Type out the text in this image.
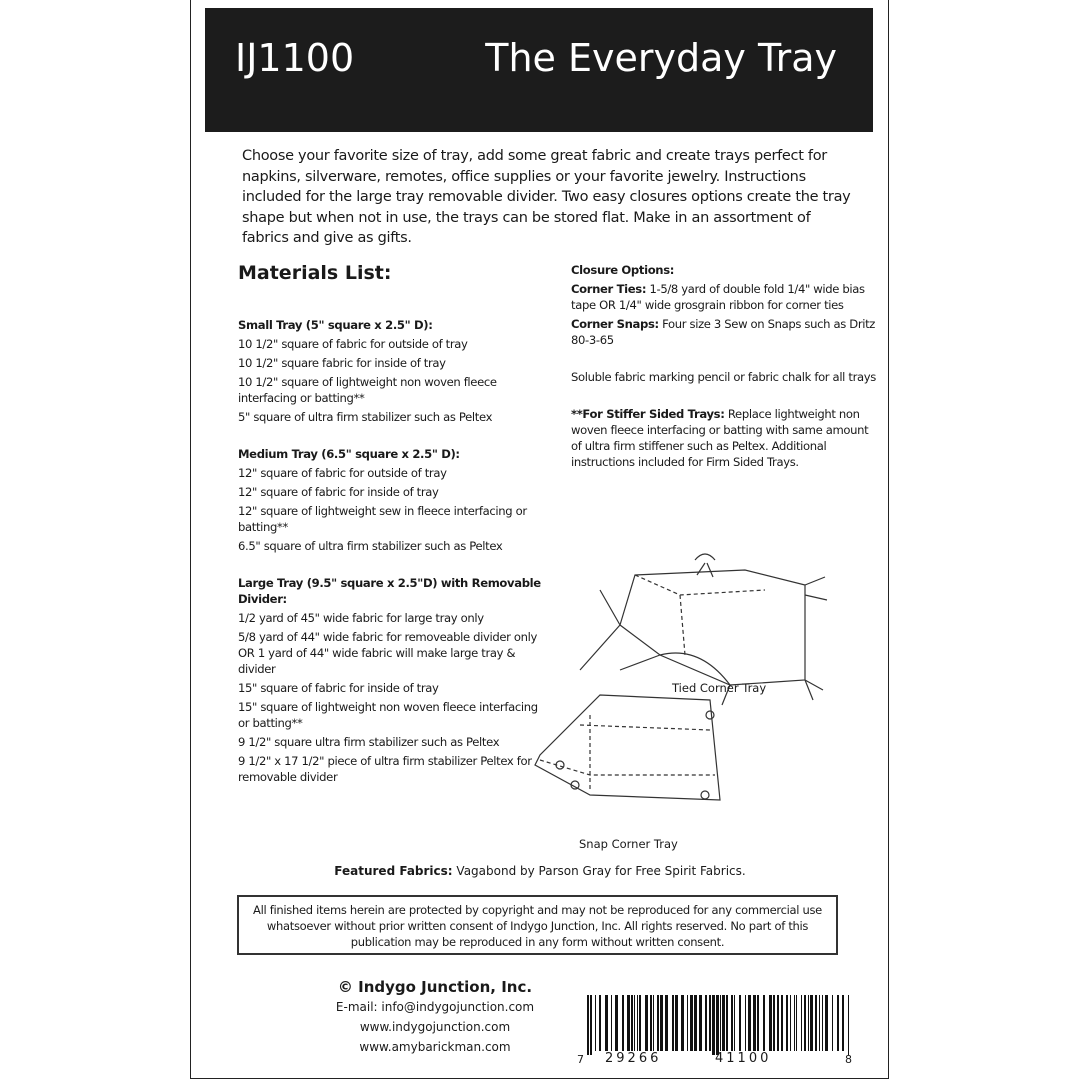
IJ1100	The Everyday Tray
Choose your favorite size of tray, add some great fabric and create trays perfect for napkins, silverware, remotes, office supplies or your favorite jewelry. Instructions included for the large tray removable divider. Two easy closures options create the tray shape but when not in use, the trays can be stored flat. Make in an assortment of fabrics and give as gifts.
Materials List:
Small Tray (5" square x 2.5" D):
10 1/2" square of fabric for outside of tray
10 1/2" square fabric for inside of tray
10 1/2" square of lightweight non woven fleece interfacing or batting**
5" square of ultra firm stabilizer such as Peltex
Medium Tray (6.5" square x 2.5" D):
12" square of fabric for outside of tray
12" square of fabric for inside of tray
12" square of lightweight sew in fleece interfacing or batting**
6.5" square of ultra firm stabilizer such as Peltex
Large Tray (9.5" square x 2.5"D) with Removable Divider:
1/2 yard of 45" wide fabric for large tray only
5/8 yard of 44" wide fabric for removeable divider only OR 1 yard of 44" wide fabric will make large tray & divider
15" square of fabric for inside of tray
15" square of lightweight non woven fleece interfacing or batting**
9 1/2" square ultra firm stabilizer such as Peltex
9 1/2" x 17 1/2" piece of ultra firm stabilizer Peltex for removable divider
Closure Options:
Corner Ties: 1-5/8 yard of double fold 1/4" wide bias tape OR 1/4" wide grosgrain ribbon for corner ties
Corner Snaps: Four size 3 Sew on Snaps such as Dritz 80-3-65
Soluble fabric marking pencil or fabric chalk for all trays
**For Stiffer Sided Trays: Replace lightweight non woven fleece interfacing or batting with same amount of ultra firm stiffener such as Peltex. Additional instructions included for Firm Sided Trays.
Tied Corner Tray
Snap Corner Tray
Featured Fabrics: Vagabond by Parson Gray for Free Spirit Fabrics.
All finished items herein are protected by copyright and may not be reproduced for any commercial use whatsoever without prior written consent of Indygo Junction, Inc. All rights reserved. No part of this publication may be reproduced in any form without written consent.
© Indygo Junction, Inc.
E-mail: info@indygojunction.com
www.indygojunction.com
www.amybarickman.com
7 29266	41100	8
